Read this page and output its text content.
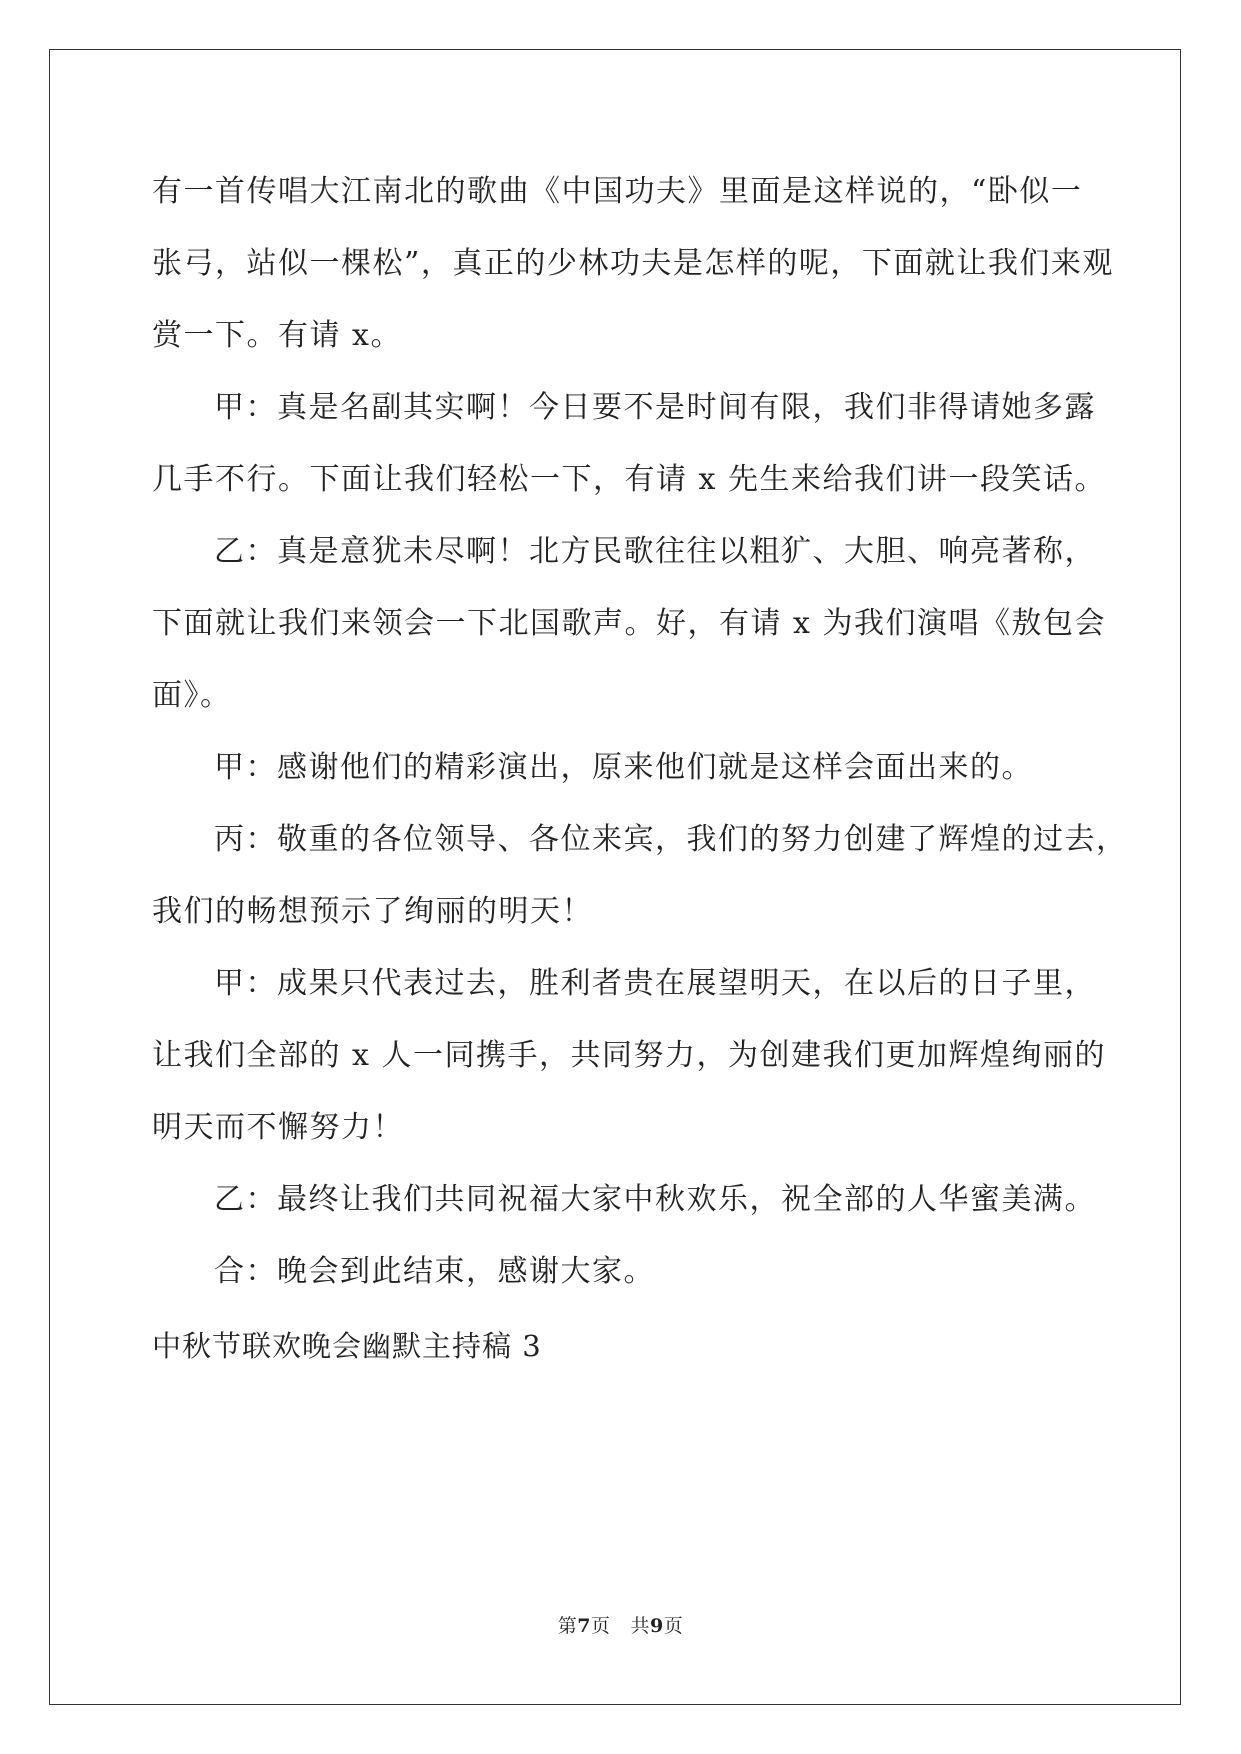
有一首传唱大江南北的歌曲《中国功夫》里面是这样说的，“卧似一

张弓，站似一棵松”，真正的少林功夫是怎样的呢，下面就让我们来观

赏一下。有请 x。

甲：真是名副其实啊！今日要不是时间有限，我们非得请她多露

几手不行。下面让我们轻松一下，有请 x 先生来给我们讲一段笑话。

乙：真是意犹未尽啊！北方民歌往往以粗犷、大胆、响亮著称，

下面就让我们来领会一下北国歌声。好，有请 x 为我们演唱《敖包会

面》。

甲：感谢他们的精彩演出，原来他们就是这样会面出来的。

丙：敬重的各位领导、各位来宾，我们的努力创建了辉煌的过去，

我们的畅想预示了绚丽的明天！

甲：成果只代表过去，胜利者贵在展望明天，在以后的日子里，

让我们全部的 x 人一同携手，共同努力，为创建我们更加辉煌绚丽的

明天而不懈努力！

乙：最终让我们共同祝福大家中秋欢乐，祝全部的人华蜜美满。

合：晚会到此结束，感谢大家。

中秋节联欢晚会幽默主持稿 3

第7页 共9页
